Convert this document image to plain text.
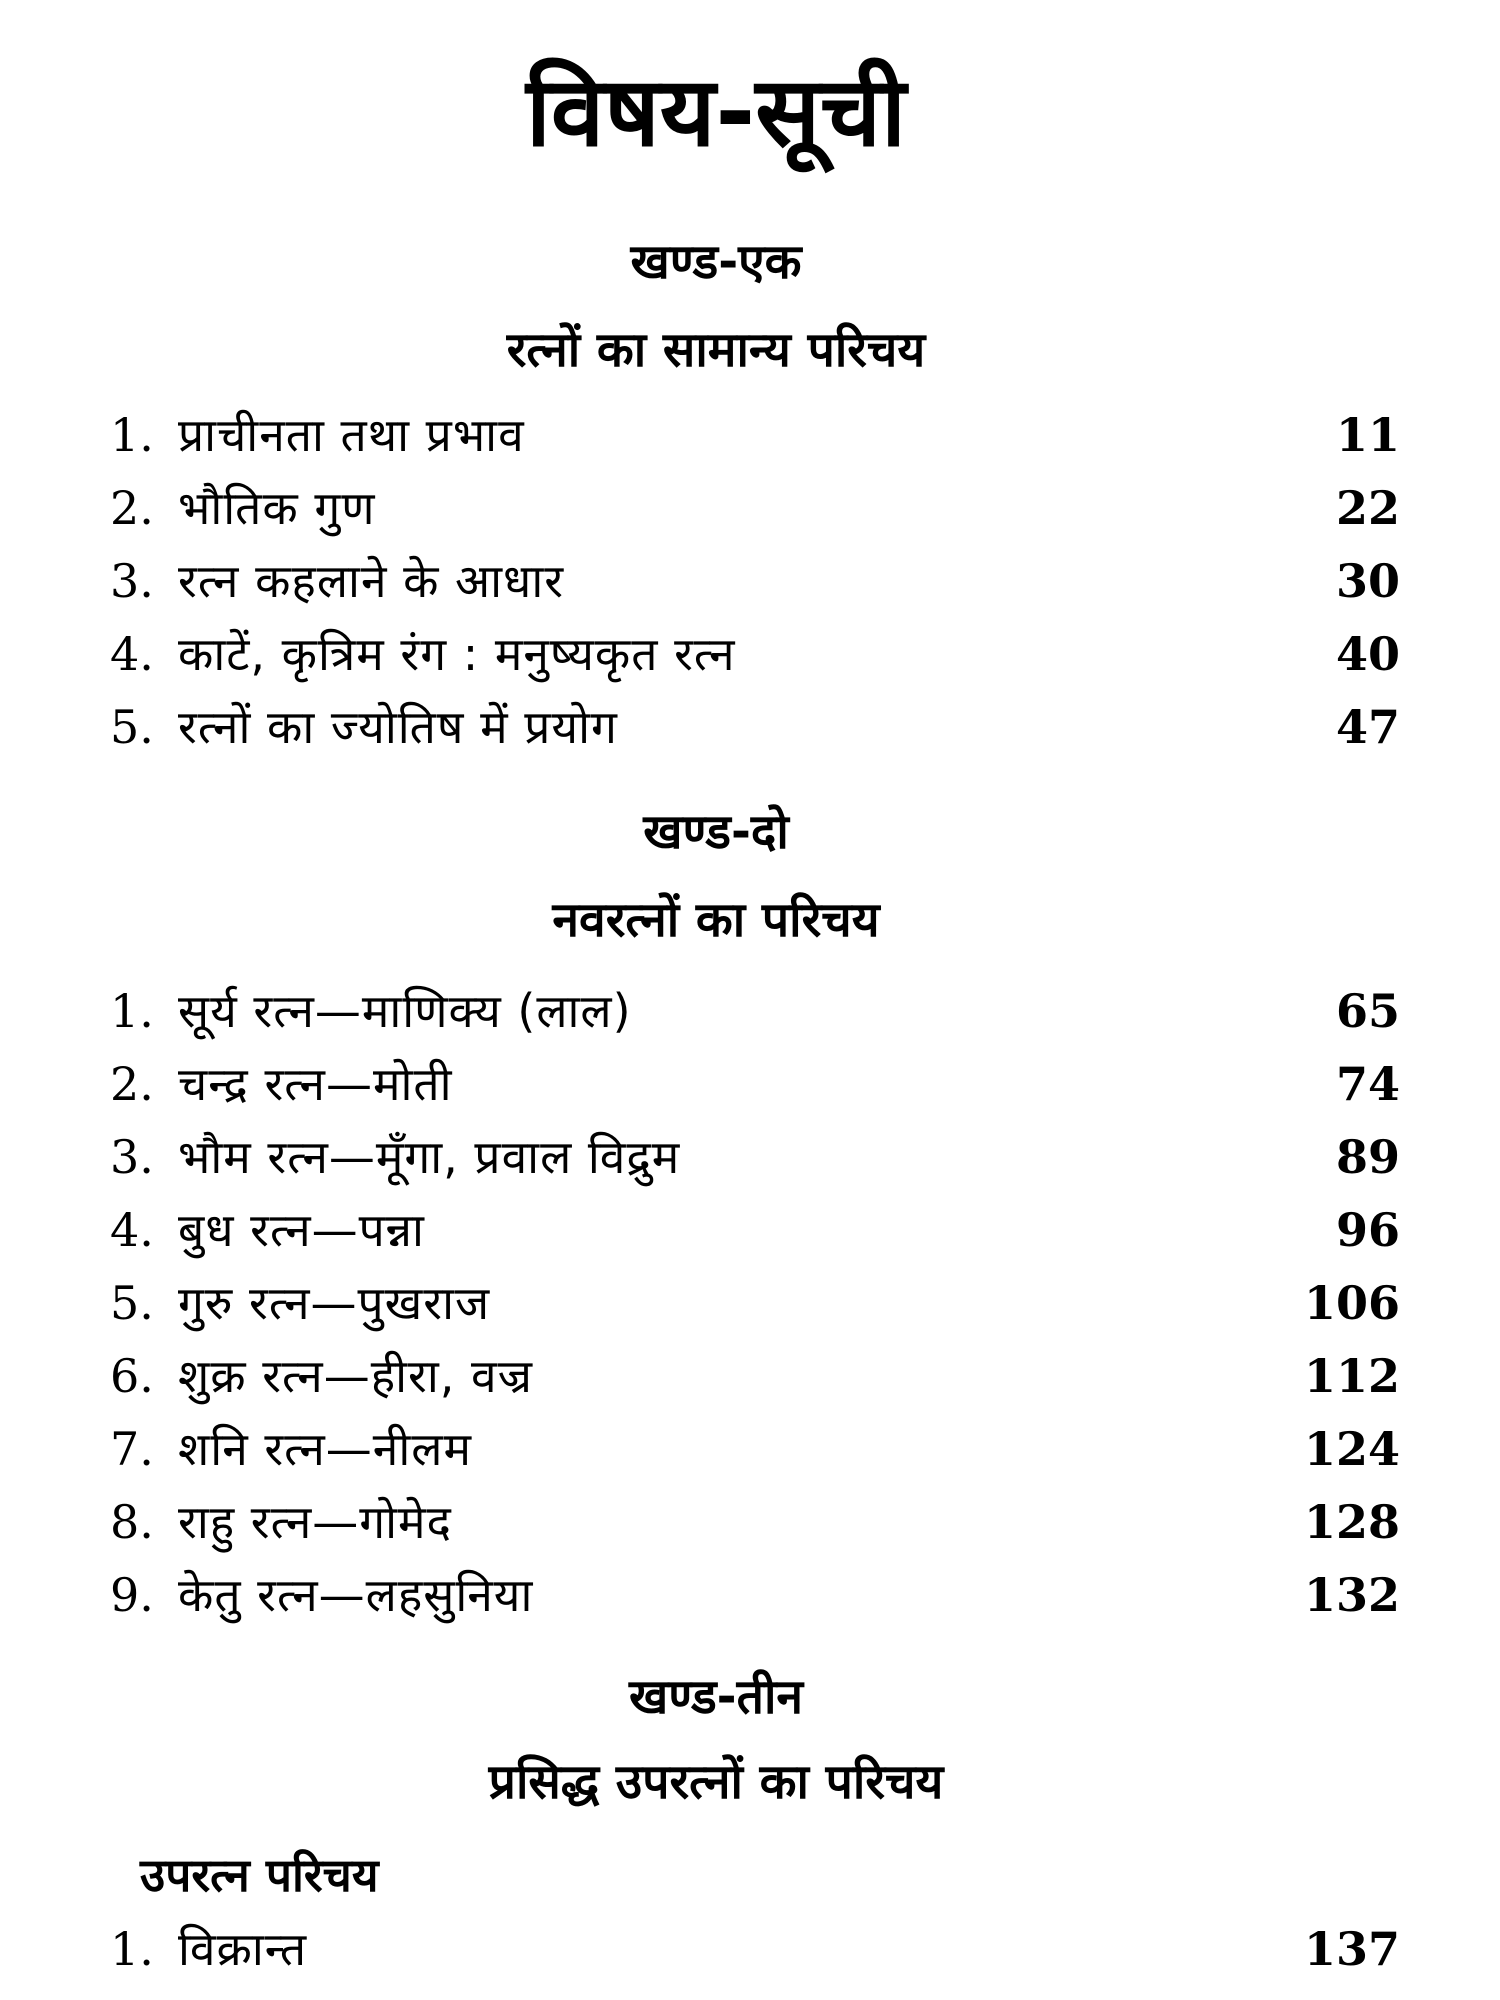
विषय-सूची
खण्ड-एक
रत्नों का सामान्य परिचय
1. प्राचीनता तथा प्रभाव	11
2. भौतिक गुण	22
3. रत्न कहलाने के आधार	30
4. काटें, कृत्रिम रंग : मनुष्यकृत रत्न	40
5. रत्नों का ज्योतिष में प्रयोग	47
खण्ड-दो
नवरत्नों का परिचय
1. सूर्य रत्न—माणिक्य (लाल)	65
2. चन्द्र रत्न—मोती	74
3. भौम रत्न—मूँगा, प्रवाल विद्रुम	89
4. बुध रत्न—पन्ना	96
5. गुरु रत्न—पुखराज	106
6. शुक्र रत्न—हीरा, वज्र	112
7. शनि रत्न—नीलम	124
8. राहु रत्न—गोमेद	128
9. केतु रत्न—लहसुनिया	132
खण्ड-तीन
प्रसिद्ध उपरत्नों का परिचय
उपरत्न परिचय
1. विक्रान्त	137
